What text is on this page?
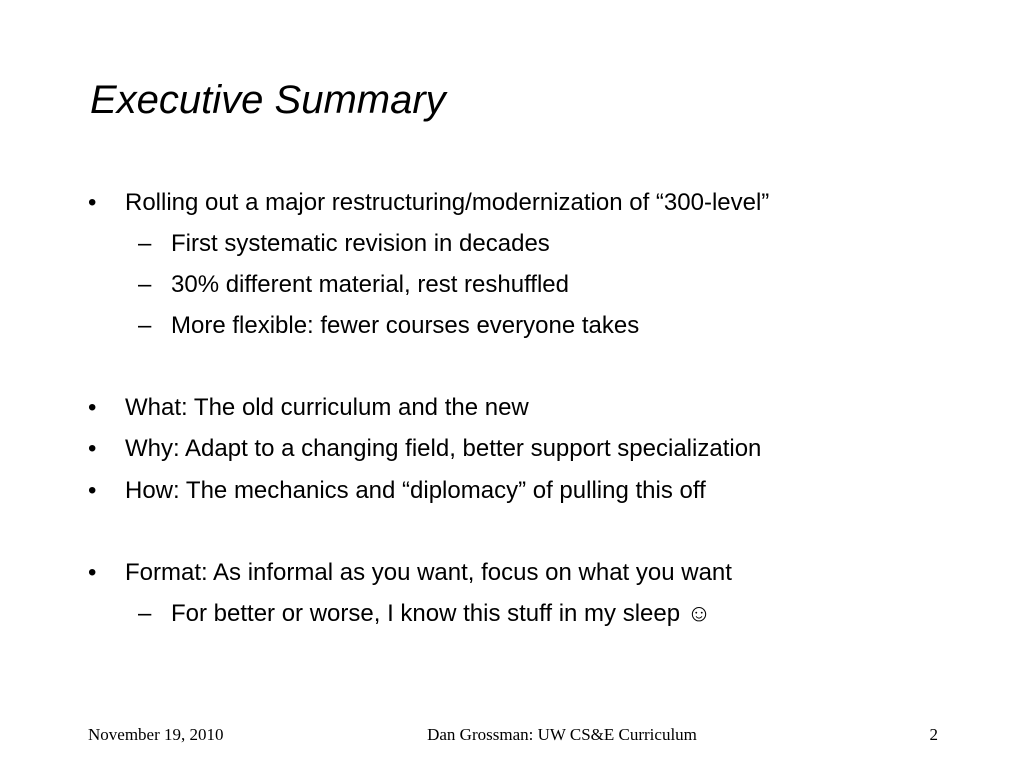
Executive Summary
• Rolling out a major restructuring/modernization of “300-level”
– First systematic revision in decades
– 30% different material, rest reshuffled
– More flexible: fewer courses everyone takes
• What: The old curriculum and the new
• Why: Adapt to a changing field, better support specialization
• How: The mechanics and “diplomacy” of pulling this off
• Format: As informal as you want, focus on what you want
– For better or worse, I know this stuff in my sleep ☺
November 19, 2010	Dan Grossman: UW CS&E Curriculum	2
